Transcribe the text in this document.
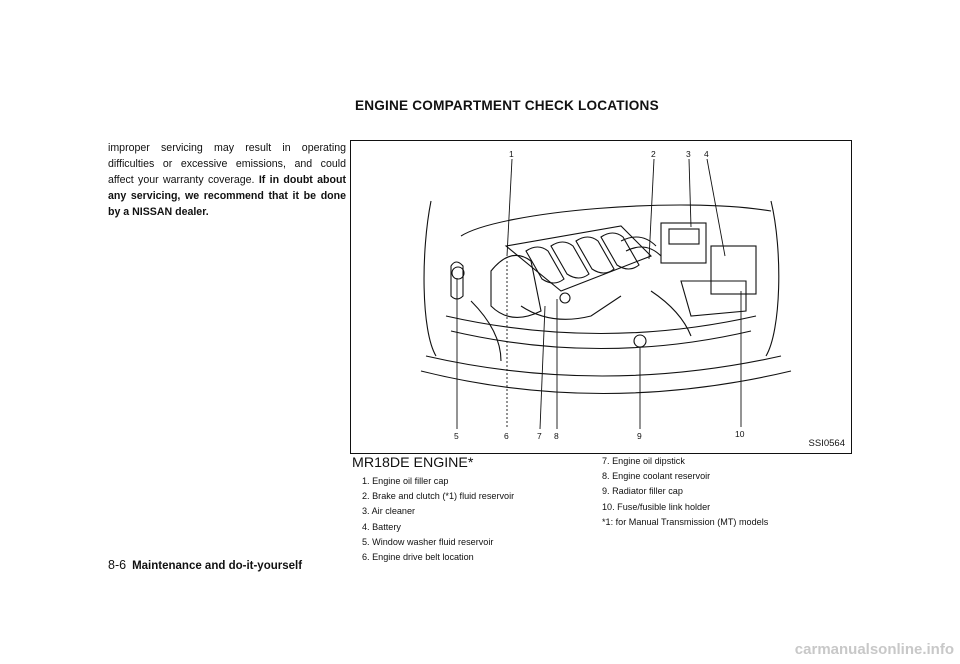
improper servicing may result in operating difficulties or excessive emissions, and could affect your warranty coverage. If in doubt about any servicing, we recommend that it be done by a NISSAN dealer.
ENGINE COMPARTMENT CHECK LOCATIONS
1	2	3 4
5	6	7 8	9	10
SSI0564
MR18DE ENGINE*
1. Engine oil filler cap
2. Brake and clutch (*1) fluid reservoir
3. Air cleaner
4. Battery
5. Window washer fluid reservoir
6. Engine drive belt location
7. Engine oil dipstick
8. Engine coolant reservoir
9. Radiator filler cap
10. Fuse/fusible link holder
*1: for Manual Transmission (MT) models
8-6 Maintenance and do-it-yourself
carmanualsonline.info
